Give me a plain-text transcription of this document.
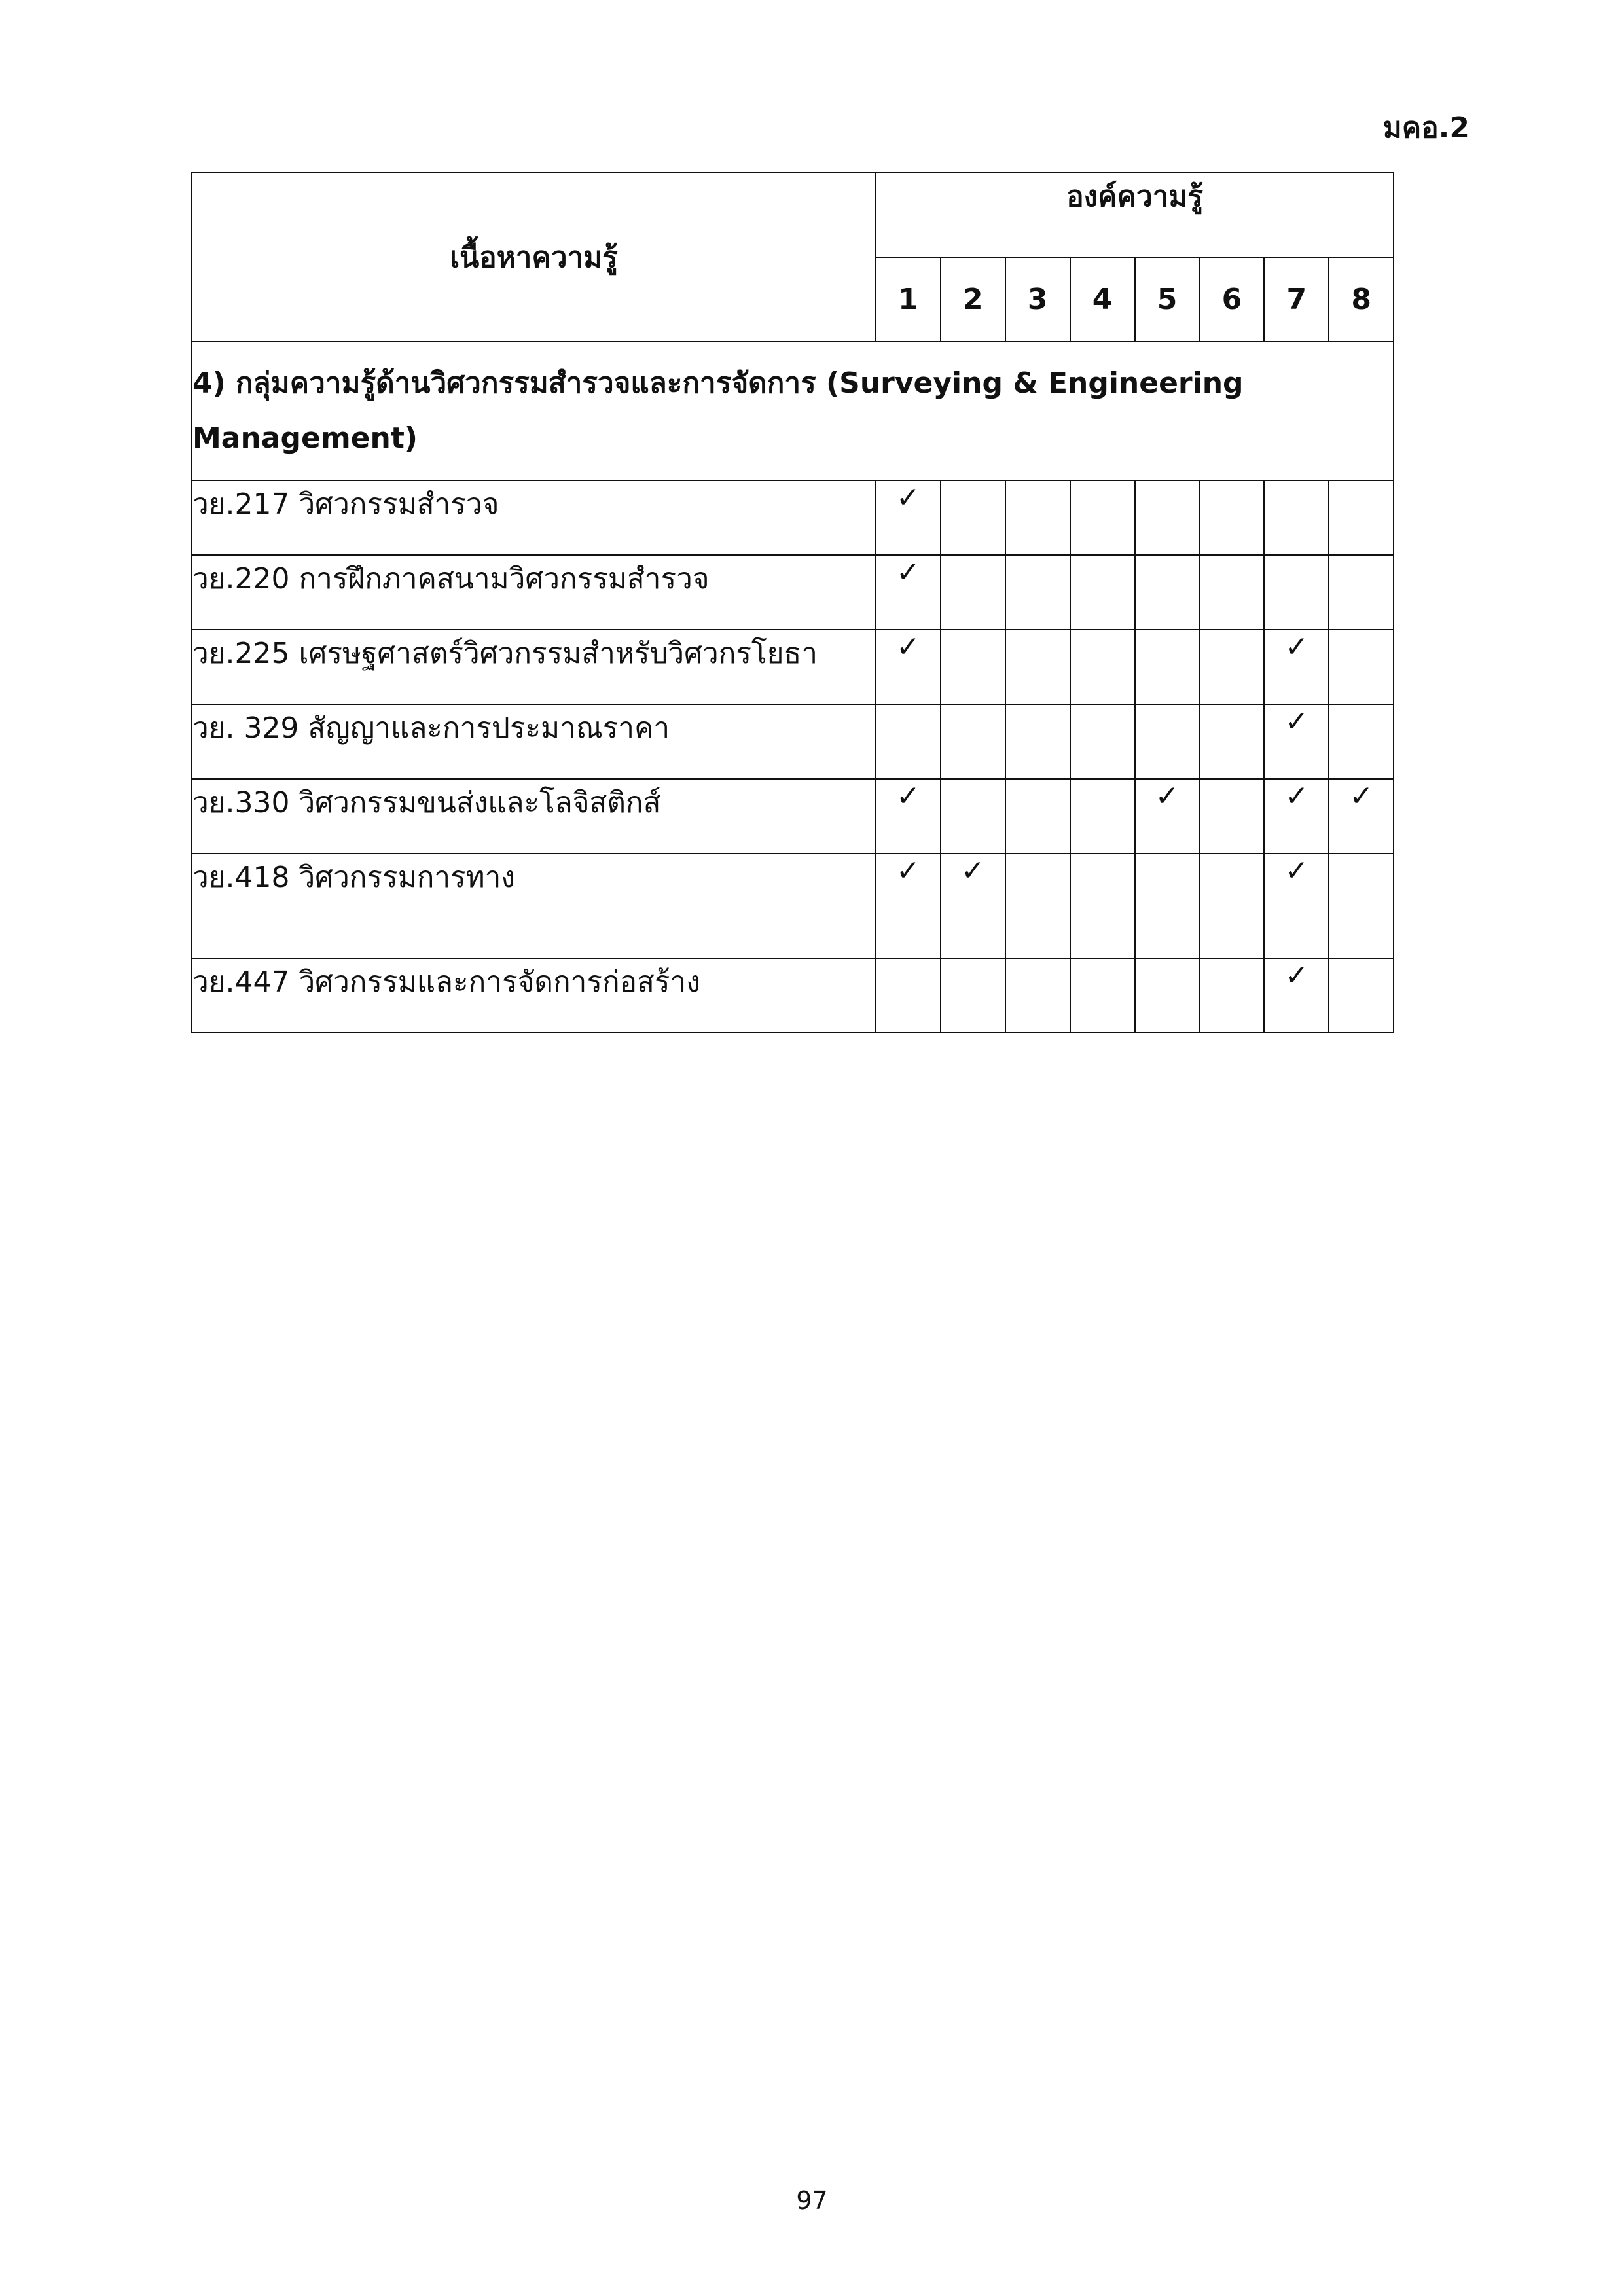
มคอ.2
เนื้อหาความรู้	องค์ความรู้							
	1	2	3	4	5	6	7	8
4) กลุ่มความรู้ด้านวิศวกรรมสำรวจและการจัดการ (Surveying & Engineering Management)								
วย.217 วิศวกรรมสำรวจ	✓							
วย.220 การฝึกภาคสนามวิศวกรรมสำรวจ	✓							
วย.225 เศรษฐศาสตร์วิศวกรรมสำหรับวิศวกรโยธา	✓						✓	
วย. 329 สัญญาและการประมาณราคา							✓	
วย.330 วิศวกรรมขนส่งและโลจิสติกส์	✓				✓		✓	✓
วย.418 วิศวกรรมการทาง	✓	✓					✓	
วย.447 วิศวกรรมและการจัดการก่อสร้าง							✓	
97
